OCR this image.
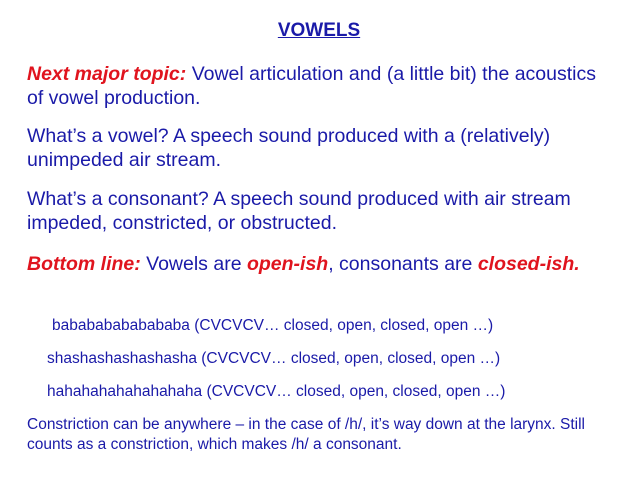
VOWELS
Next major topic: Vowel articulation and (a little bit) the acoustics of vowel production.
What’s a vowel? A speech sound produced with a (relatively) unimpeded air stream.
What’s a consonant? A speech sound produced with air stream impeded, constricted, or obstructed.
Bottom line: Vowels are open-ish, consonants are closed-ish.
babababababababa (CVCVCV… closed, open, closed, open …)
shashashashashasha (CVCVCV… closed, open, closed, open …)
hahahahahahahahaha (CVCVCV… closed, open, closed, open …)
Constriction can be anywhere – in the case of /h/, it’s way down at the larynx. Still counts as a constriction, which makes /h/ a consonant.
